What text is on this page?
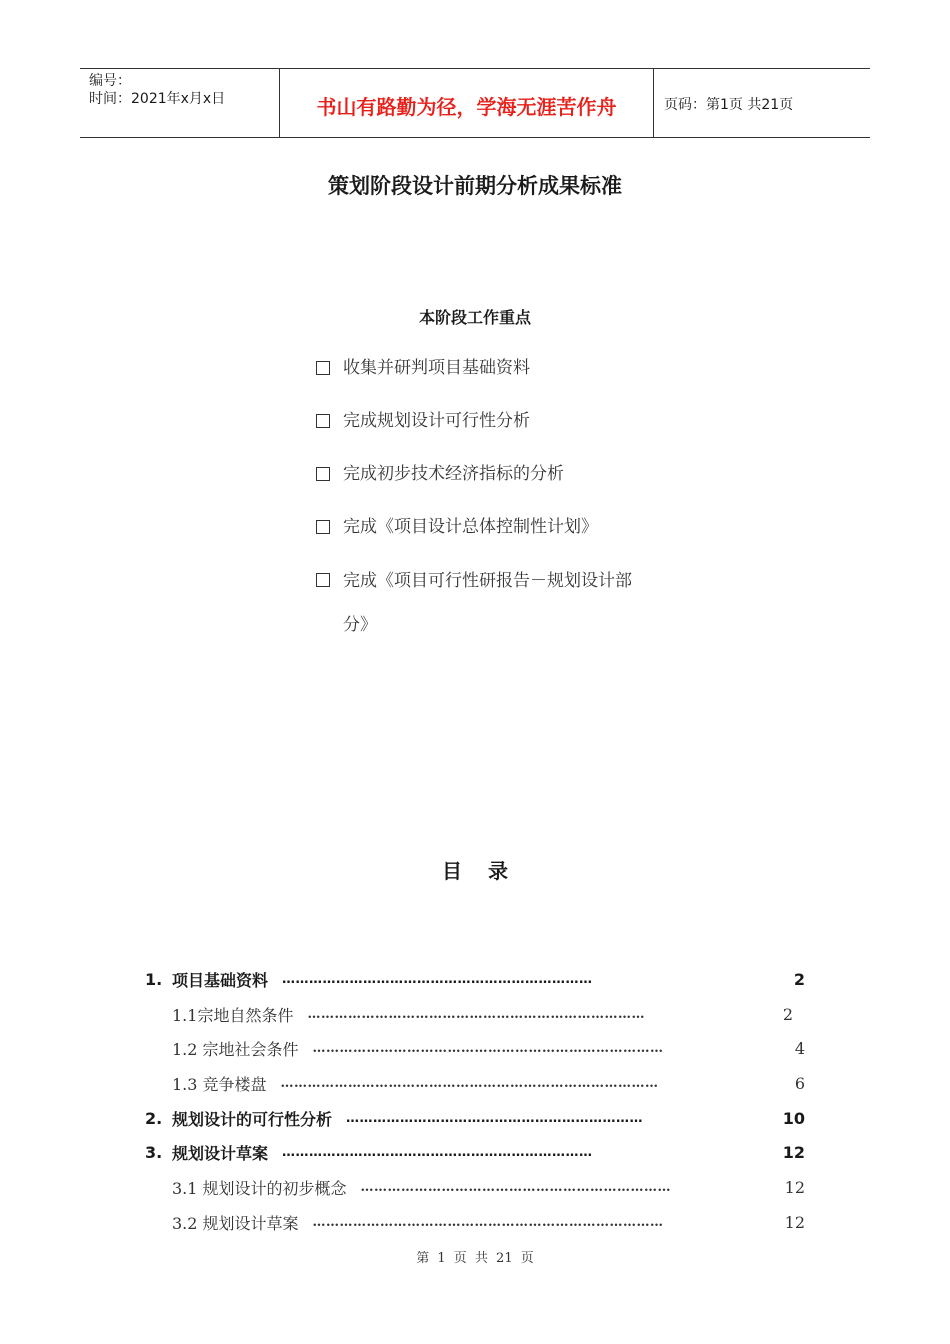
编号：
时间：2021年x月x日	书山有路勤为径，学海无涯苦作舟	页码：第1页 共21页
策划阶段设计前期分析成果标准
本阶段工作重点
收集并研判项目基础资料
完成规划设计可行性分析
完成初步技术经济指标的分析
完成《项目设计总体控制性计划》
完成《项目可行性研报告－规划设计部分》
目录
1. 项目基础资料 ……………………………………………………………	2
1.1宗地自然条件 …………………………………………………………………	2
1.2 宗地社会条件 ……………………………………………………………………	4
1.3 竞争楼盘 …………………………………………………………………………	6
2. 规划设计的可行性分析 …………………………………………………………	10
3. 规划设计草案 ……………………………………………………………	12
3.1 规划设计的初步概念 ……………………………………………………………	12
3.2 规划设计草案 ……………………………………………………………………	12
第 1 页 共 21 页
